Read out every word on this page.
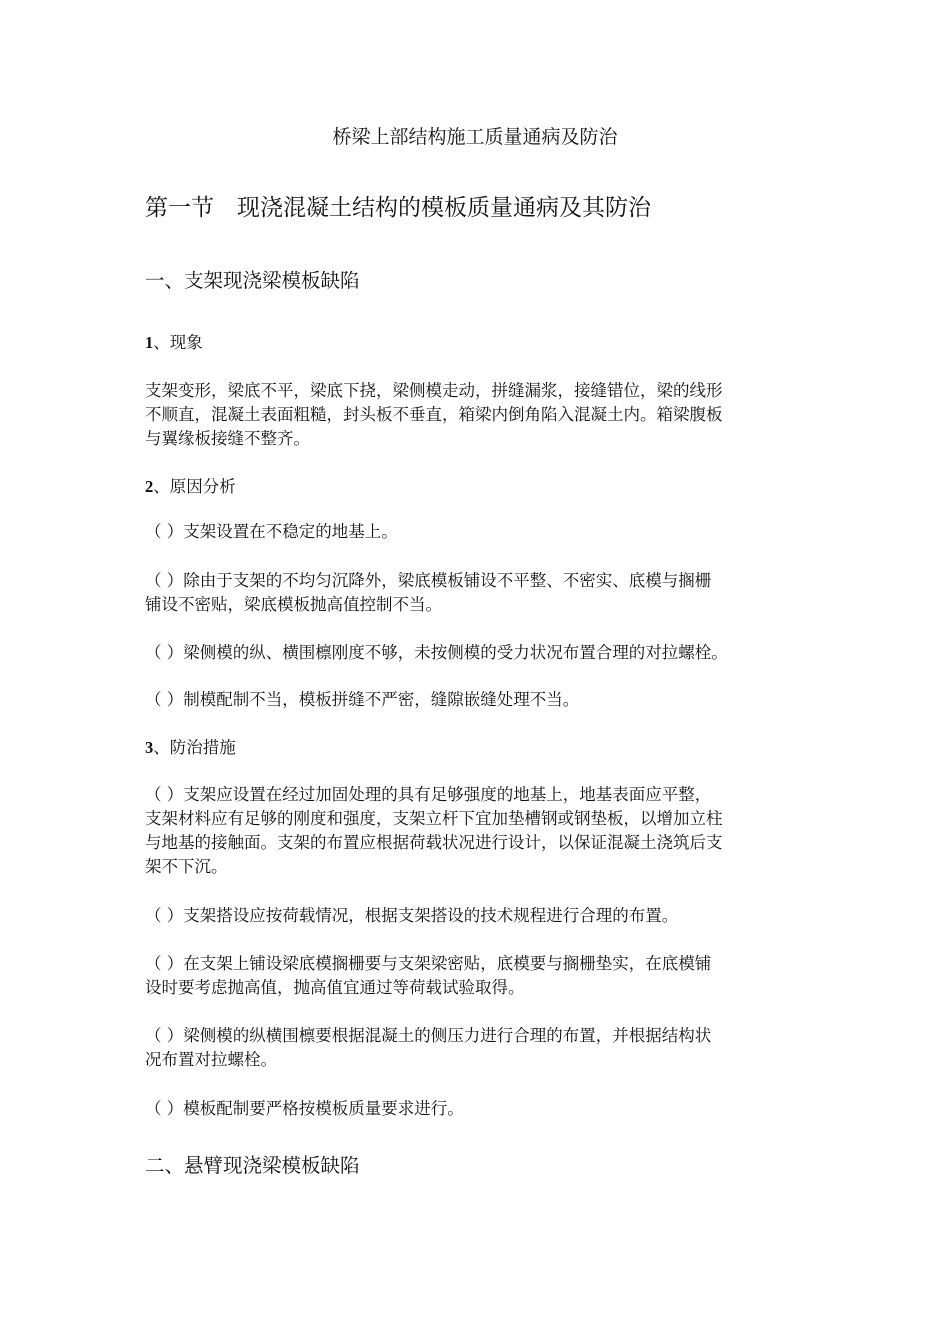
桥梁上部结构施工质量通病及防治
第一节　现浇混凝土结构的模板质量通病及其防治
一、支架现浇梁模板缺陷
1、现象
支架变形，梁底不平，梁底下挠，梁侧模走动，拼缝漏浆，接缝错位，梁的线形
不顺直，混凝土表面粗糙，封头板不垂直，箱梁内倒角陷入混凝土内。箱梁腹板
与翼缘板接缝不整齐。
2、原因分析
（ ）支架设置在不稳定的地基上。
（ ）除由于支架的不均匀沉降外，梁底模板铺设不平整、不密实、底模与搁栅
铺设不密贴，梁底模板抛高值控制不当。
（ ）梁侧模的纵、横围檩刚度不够，未按侧模的受力状况布置合理的对拉螺栓。
（ ）制模配制不当，模板拼缝不严密，缝隙嵌缝处理不当。
3、防治措施
（ ）支架应设置在经过加固处理的具有足够强度的地基上，地基表面应平整，
支架材料应有足够的刚度和强度，支架立杆下宜加垫槽钢或钢垫板，以增加立柱
与地基的接触面。支架的布置应根据荷载状况进行设计，以保证混凝土浇筑后支
架不下沉。
（ ）支架搭设应按荷载情况，根据支架搭设的技术规程进行合理的布置。
（ ）在支架上铺设梁底模搁栅要与支架梁密贴，底模要与搁栅垫实，在底模铺
设时要考虑抛高值，抛高值宜通过等荷载试验取得。
（ ）梁侧模的纵横围檩要根据混凝土的侧压力进行合理的布置，并根据结构状
况布置对拉螺栓。
（ ）模板配制要严格按模板质量要求进行。
二、悬臂现浇梁模板缺陷
